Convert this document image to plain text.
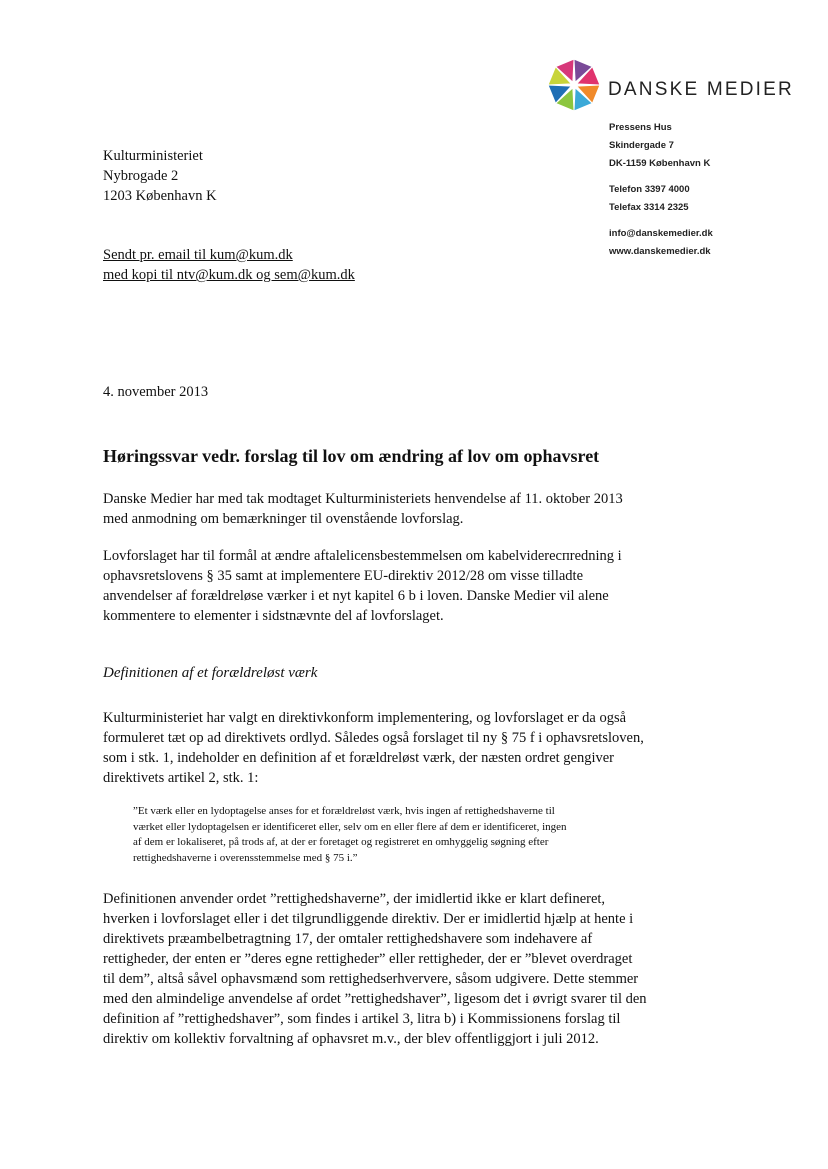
DANSKE MEDIER
Pressens Hus
Skindergade 7
DK-1159 København K
Telefon 3397 4000
Telefax 3314 2325
info@danskemedier.dk
www.danskemedier.dk
Kulturministeriet
Nybrogade 2
1203 København K
Sendt pr. email til kum@kum.dk
med kopi til ntv@kum.dk og sem@kum.dk
4. november 2013
Høringssvar vedr. forslag til lov om ændring af lov om ophavsret
Danske Medier har med tak modtaget Kulturministeriets henvendelse af 11. oktober 2013
med anmodning om bemærkninger til ovenstående lovforslag.
Lovforslaget har til formål at ændre aftalelicensbestemmelsen om kabelvidereспredning i
ophavsretslovens § 35 samt at implementere EU-direktiv 2012/28 om visse tilladte
anvendelser af forældreløse værker i et nyt kapitel 6 b i loven. Danske Medier vil alene
kommentere to elementer i sidstnævnte del af lovforslaget.
Definitionen af et forældreløst værk
Kulturministeriet har valgt en direktivkonform implementering, og lovforslaget er da også
formuleret tæt op ad direktivets ordlyd. Således også forslaget til ny § 75 f i ophavsretsloven,
som i stk. 1, indeholder en definition af et forældreløst værk, der næsten ordret gengiver
direktivets artikel 2, stk. 1:
”Et værk eller en lydoptagelse anses for et forældreløst værk, hvis ingen af rettighedshaverne til
værket eller lydoptagelsen er identificeret eller, selv om en eller flere af dem er identificeret, ingen
af dem er lokaliseret, på trods af, at der er foretaget og registreret en omhyggelig søgning efter
rettighedshaverne i overensstemmelse med § 75 i.”
Definitionen anvender ordet ”rettighedshaverne”, der imidlertid ikke er klart defineret,
hverken i lovforslaget eller i det tilgrundliggende direktiv. Der er imidlertid hjælp at hente i
direktivets præambelbetragtning 17, der omtaler rettighedshavere som indehavere af
rettigheder, der enten er ”deres egne rettigheder” eller rettigheder, der er ”blevet overdraget
til dem”, altså såvel ophavsmænd som rettighedserhververe, såsom udgivere. Dette stemmer
med den almindelige anvendelse af ordet ”rettighedshaver”, ligesom det i øvrigt svarer til den
definition af ”rettighedshaver”, som findes i artikel 3, litra b) i Kommissionens forslag til
direktiv om kollektiv forvaltning af ophavsret m.v., der blev offentliggjort i juli 2012.
